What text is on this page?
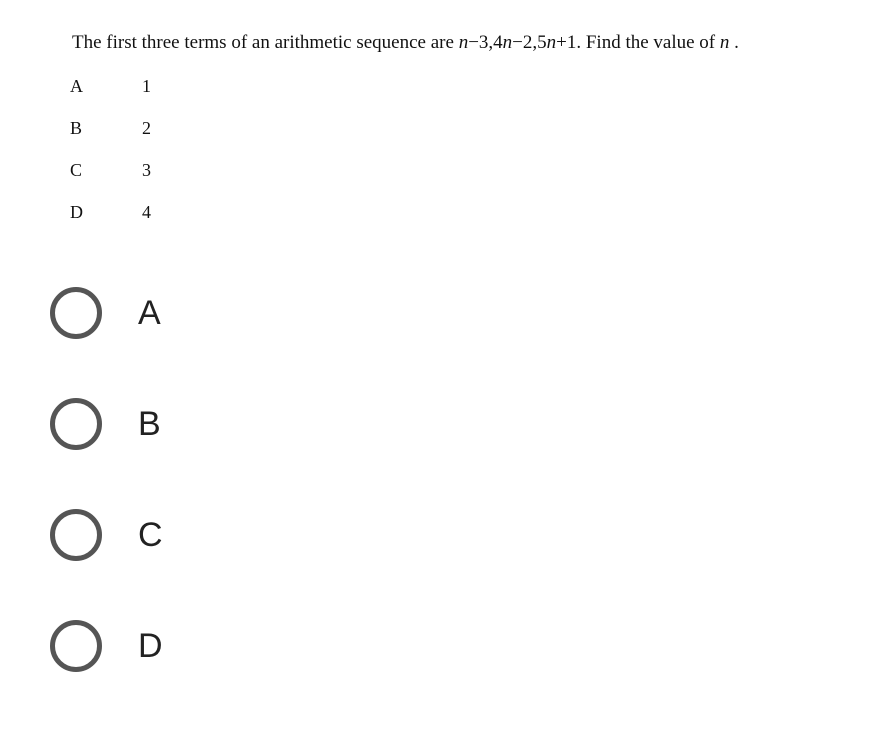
The first three terms of an arithmetic sequence are n−3,4n−2,5n+1. Find the value of n .
A	1
B	2
C	3
D	4
A
B
C
D
